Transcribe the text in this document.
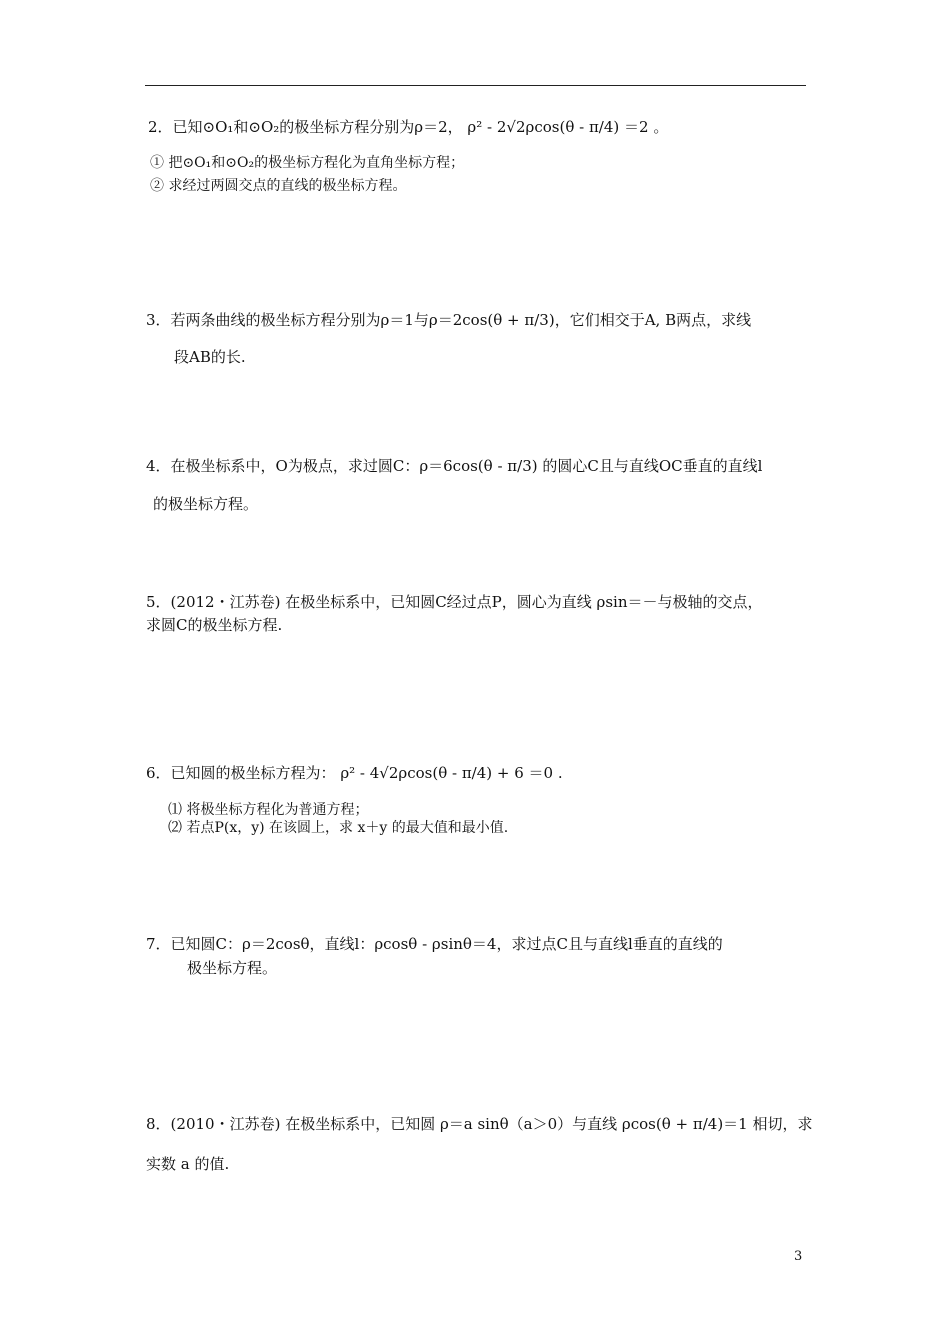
2．已知⊙O₁和⊙O₂的极坐标方程分别为ρ＝2， ρ² - 2√2ρcos(θ - π/4) ＝2 。
① 把⊙O₁和⊙O₂的极坐标方程化为直角坐标方程；
② 求经过两圆交点的直线的极坐标方程。
3．若两条曲线的极坐标方程分别为ρ＝1与ρ＝2cos(θ + π/3)，它们相交于A, B两点，求线
段AB的长.
4．在极坐标系中，O为极点，求过圆C：ρ＝6cos(θ - π/3) 的圆心C且与直线OC垂直的直线l
的极坐标方程。
5．(2012・江苏卷) 在极坐标系中，已知圆C经过点P，圆心为直线 ρsin＝－与极轴的交点，
求圆C的极坐标方程.
6．已知圆的极坐标方程为： ρ² - 4√2ρcos(θ - π/4) + 6 ＝0 .
⑴ 将极坐标方程化为普通方程；
⑵ 若点P(x，y) 在该圆上，求 x＋y 的最大值和最小值.
7．已知圆C：ρ＝2cosθ，直线l：ρcosθ - ρsinθ＝4，求过点C且与直线l垂直的直线的
极坐标方程。
8．(2010・江苏卷) 在极坐标系中，已知圆 ρ＝a sinθ（a＞0）与直线 ρcos(θ + π/4)＝1 相切，求
实数 a 的值.
3
